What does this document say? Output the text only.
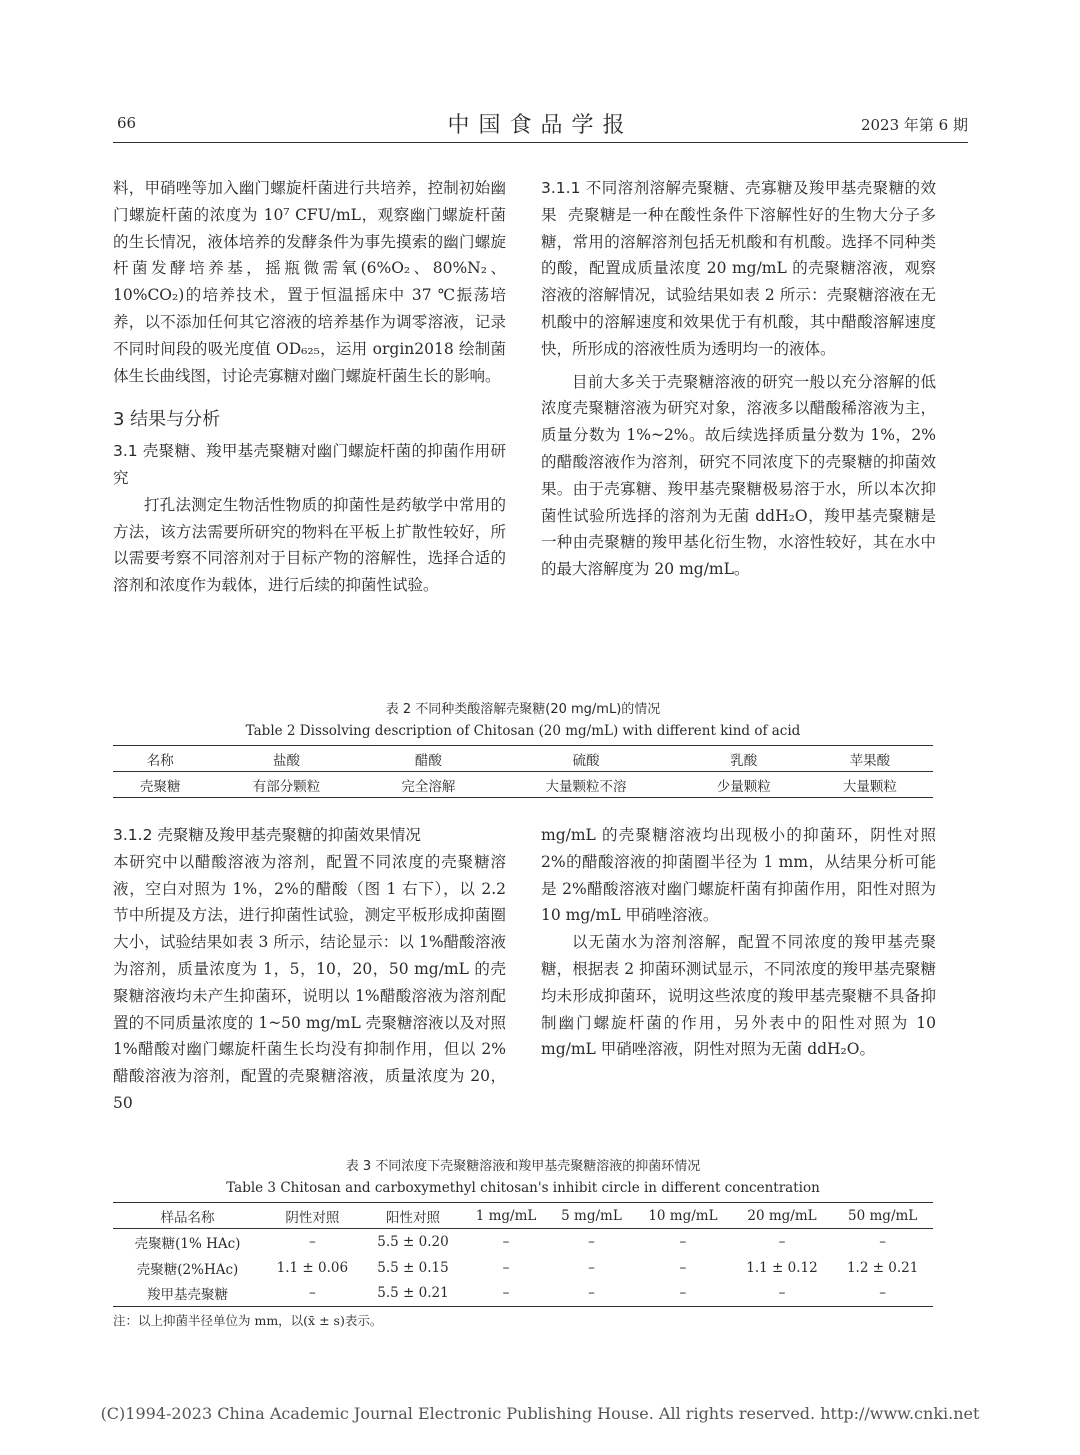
66	中国食品学报	2023 年第 6 期

料，甲硝唑等加入幽门螺旋杆菌进行共培养，控制初始幽门螺旋杆菌的浓度为 10⁷ CFU/mL，观察幽门螺旋杆菌的生长情况，液体培养的发酵条件为事先摸索的幽门螺旋杆菌发酵培养基，摇瓶微需氧(6%O₂、80%N₂、10%CO₂)的培养技术，置于恒温摇床中 37 ℃振荡培养，以不添加任何其它溶液的培养基作为调零溶液，记录不同时间段的吸光度值 OD₆₂₅，运用 orgin2018 绘制菌体生长曲线图，讨论壳寡糖对幽门螺旋杆菌生长的影响。

3 结果与分析

3.1 壳聚糖、羧甲基壳聚糖对幽门螺旋杆菌的抑菌作用研究

打孔法测定生物活性物质的抑菌性是药敏学中常用的方法，该方法需要所研究的物料在平板上扩散性较好，所以需要考察不同溶剂对于目标产物的溶解性，选择合适的溶剂和浓度作为载体，进行后续的抑菌性试验。

3.1.1 不同溶剂溶解壳聚糖、壳寡糖及羧甲基壳聚糖的效果 壳聚糖是一种在酸性条件下溶解性好的生物大分子多糖，常用的溶解溶剂包括无机酸和有机酸。选择不同种类的酸，配置成质量浓度 20 mg/mL 的壳聚糖溶液，观察溶液的溶解情况，试验结果如表 2 所示：壳聚糖溶液在无机酸中的溶解速度和效果优于有机酸，其中醋酸溶解速度快，所形成的溶液性质为透明均一的液体。

目前大多关于壳聚糖溶液的研究一般以充分溶解的低浓度壳聚糖溶液为研究对象，溶液多以醋酸稀溶液为主，质量分数为 1%~2%。故后续选择质量分数为 1%，2%的醋酸溶液作为溶剂，研究不同浓度下的壳聚糖的抑菌效果。由于壳寡糖、羧甲基壳聚糖极易溶于水，所以本次抑菌性试验所选择的溶剂为无菌 ddH₂O，羧甲基壳聚糖是一种由壳聚糖的羧甲基化衍生物，水溶性较好，其在水中的最大溶解度为 20 mg/mL。

表 2 不同种类酸溶解壳聚糖(20 mg/mL)的情况
Table 2 Dissolving description of Chitosan (20 mg/mL) with different kind of acid
名称	盐酸	醋酸	硫酸	乳酸	苹果酸
壳聚糖	有部分颗粒	完全溶解	大量颗粒不溶	少量颗粒	大量颗粒

3.1.2 壳聚糖及羧甲基壳聚糖的抑菌效果情况

本研究中以醋酸溶液为溶剂，配置不同浓度的壳聚糖溶液，空白对照为 1%，2%的醋酸（图 1 右下），以 2.2 节中所提及方法，进行抑菌性试验，测定平板形成抑菌圈大小，试验结果如表 3 所示，结论显示：以 1%醋酸溶液为溶剂，质量浓度为 1，5，10，20，50 mg/mL 的壳聚糖溶液均未产生抑菌环，说明以 1%醋酸溶液为溶剂配置的不同质量浓度的 1~50 mg/mL 壳聚糖溶液以及对照 1%醋酸对幽门螺旋杆菌生长均没有抑制作用，但以 2%醋酸溶液为溶剂，配置的壳聚糖溶液，质量浓度为 20，50

mg/mL 的壳聚糖溶液均出现极小的抑菌环，阴性对照 2%的醋酸溶液的抑菌圈半径为 1 mm，从结果分析可能是 2%醋酸溶液对幽门螺旋杆菌有抑菌作用，阳性对照为 10 mg/mL 甲硝唑溶液。

以无菌水为溶剂溶解，配置不同浓度的羧甲基壳聚糖，根据表 2 抑菌环测试显示，不同浓度的羧甲基壳聚糖均未形成抑菌环，说明这些浓度的羧甲基壳聚糖不具备抑制幽门螺旋杆菌的作用，另外表中的阳性对照为 10 mg/mL 甲硝唑溶液，阴性对照为无菌 ddH₂O。

表 3 不同浓度下壳聚糖溶液和羧甲基壳聚糖溶液的抑菌环情况
Table 3 Chitosan and carboxymethyl chitosan's inhibit circle in different concentration
样品名称	阴性对照	阳性对照	1 mg/mL	5 mg/mL	10 mg/mL	20 mg/mL	50 mg/mL
壳聚糖(1% HAc)	–	5.5 ± 0.20	–	–	–	–	–
壳聚糖(2%HAc)	1.1 ± 0.06	5.5 ± 0.15	–	–	–	1.1 ± 0.12	1.2 ± 0.21
羧甲基壳聚糖	–	5.5 ± 0.21	–	–	–	–	–
注：以上抑菌半径单位为 mm，以(x̄ ± s)表示。
(C)1994-2023 China Academic Journal Electronic Publishing House. All rights reserved. http://www.cnki.net
